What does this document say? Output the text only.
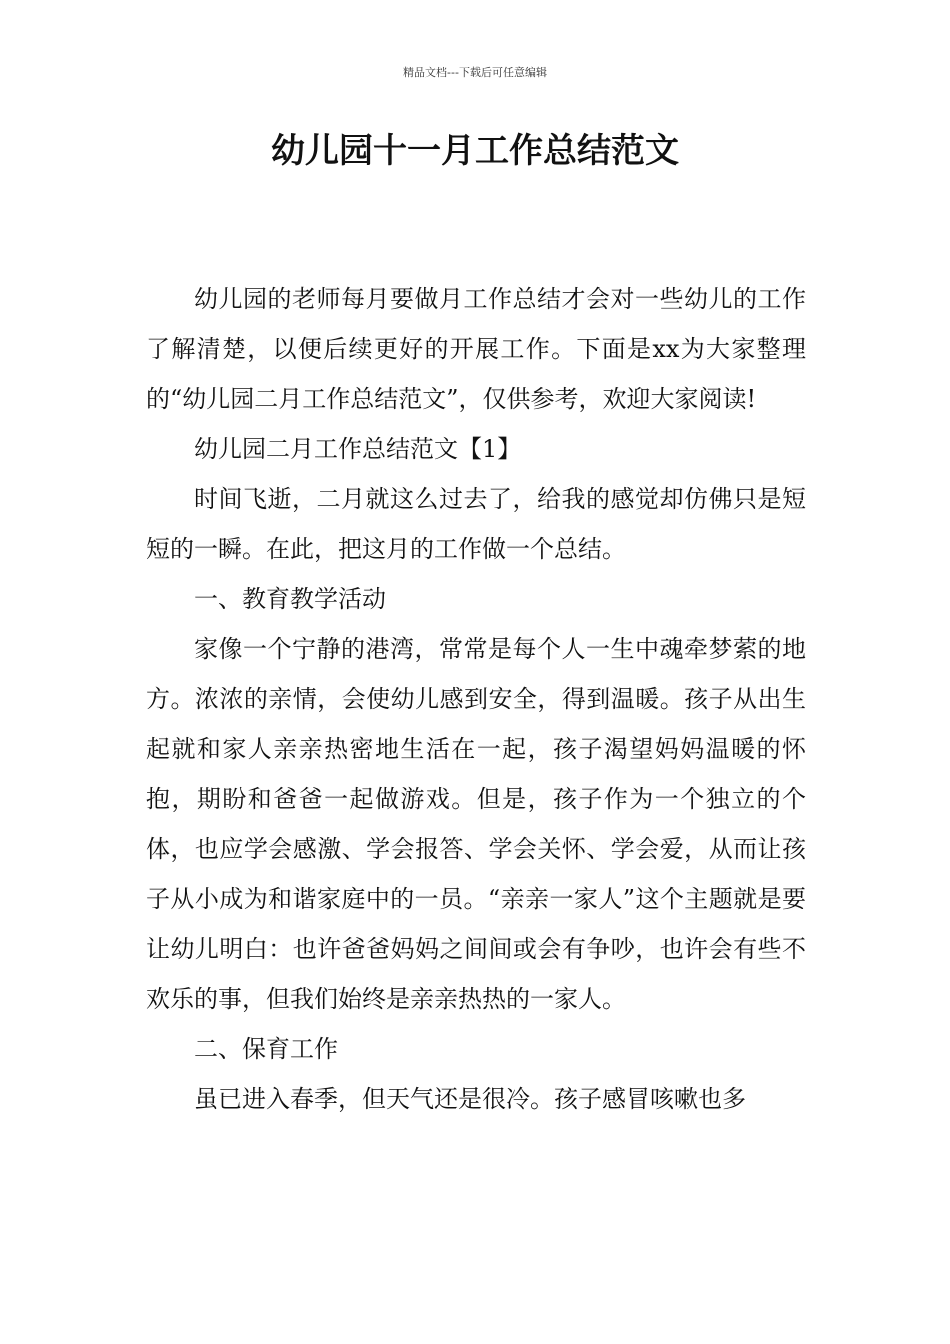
精品文档---下载后可任意编辑
幼儿园十一月工作总结范文

幼儿园的老师每月要做月工作总结才会对一些幼儿的工作了解清楚，以便后续更好的开展工作。下面是xx为大家整理的“幼儿园二月工作总结范文”，仅供参考，欢迎大家阅读!

幼儿园二月工作总结范文【1】

时间飞逝，二月就这么过去了，给我的感觉却仿佛只是短短的一瞬。在此，把这月的工作做一个总结。

一、教育教学活动

家像一个宁静的港湾，常常是每个人一生中魂牵梦萦的地方。浓浓的亲情，会使幼儿感到安全，得到温暖。孩子从出生起就和家人亲亲热密地生活在一起，孩子渴望妈妈温暖的怀抱，期盼和爸爸一起做游戏。但是，孩子作为一个独立的个体，也应学会感激、学会报答、学会关怀、学会爱，从而让孩子从小成为和谐家庭中的一员。“亲亲一家人”这个主题就是要让幼儿明白：也许爸爸妈妈之间间或会有争吵，也许会有些不欢乐的事，但我们始终是亲亲热热的一家人。

二、保育工作

虽已进入春季，但天气还是很冷。孩子感冒咳嗽也多
